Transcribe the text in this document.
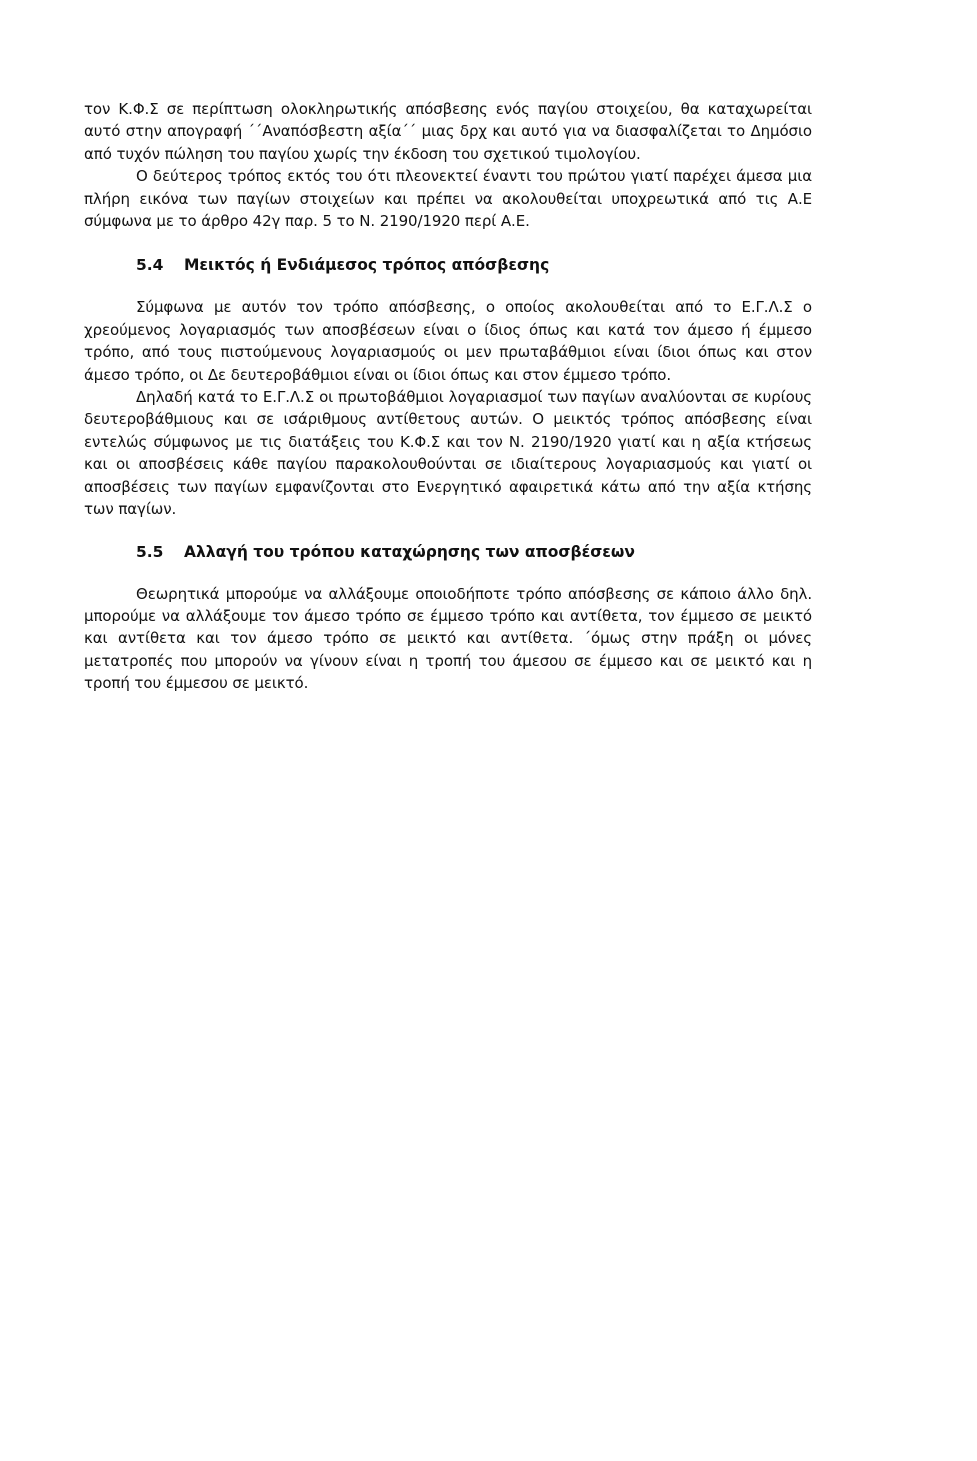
τον Κ.Φ.Σ σε περίπτωση ολοκληρωτικής απόσβεσης ενός παγίου στοιχείου, θα καταχωρείται αυτό στην απογραφή ΄΄Αναπόσβεστη αξία΄΄ μιας δρχ και αυτό για να διασφαλίζεται το Δημόσιο από τυχόν πώληση του παγίου χωρίς την έκδοση του σχετικού τιμολογίου.

Ο δεύτερος τρόπος εκτός του ότι πλεονεκτεί έναντι του πρώτου γιατί παρέχει άμεσα μια πλήρη εικόνα των παγίων στοιχείων και πρέπει να ακολουθείται υποχρεωτικά από τις Α.Ε σύμφωνα με το άρθρο 42γ παρ. 5 το Ν. 2190/1920 περί Α.Ε.

5.4 Μεικτός ή Ενδιάμεσος τρόπος απόσβεσης

Σύμφωνα με αυτόν τον τρόπο απόσβεσης, ο οποίος ακολουθείται από το Ε.Γ.Λ.Σ ο χρεούμενος λογαριασμός των αποσβέσεων είναι ο ίδιος όπως και κατά τον άμεσο ή έμμεσο τρόπο, από τους πιστούμενους λογαριασμούς οι μεν πρωταβάθμιοι είναι ίδιοι όπως και στον άμεσο τρόπο, οι Δε δευτεροβάθμιοι είναι οι ίδιοι όπως και στον έμμεσο τρόπο.

Δηλαδή κατά το Ε.Γ.Λ.Σ οι πρωτοβάθμιοι λογαριασμοί των παγίων αναλύονται σε κυρίους δευτεροβάθμιους και σε ισάριθμους αντίθετους αυτών. Ο μεικτός τρόπος απόσβεσης είναι εντελώς σύμφωνος με τις διατάξεις του Κ.Φ.Σ και τον Ν. 2190/1920 γιατί και η αξία κτήσεως και οι αποσβέσεις κάθε παγίου παρακολουθούνται σε ιδιαίτερους λογαριασμούς και γιατί οι αποσβέσεις των παγίων εμφανίζονται στο Ενεργητικό αφαιρετικά κάτω από την αξία κτήσης των παγίων.

5.5 Αλλαγή του τρόπου καταχώρησης των αποσβέσεων

Θεωρητικά μπορούμε να αλλάξουμε οποιοδήποτε τρόπο απόσβεσης σε κάποιο άλλο δηλ. μπορούμε να αλλάξουμε τον άμεσο τρόπο σε έμμεσο τρόπο και αντίθετα, τον έμμεσο σε μεικτό και αντίθετα και τον άμεσο τρόπο σε μεικτό και αντίθετα. ΄όμως στην πράξη οι μόνες μετατροπές που μπορούν να γίνουν είναι η τροπή του άμεσου σε έμμεσο και σε μεικτό και η τροπή του έμμεσου σε μεικτό.
